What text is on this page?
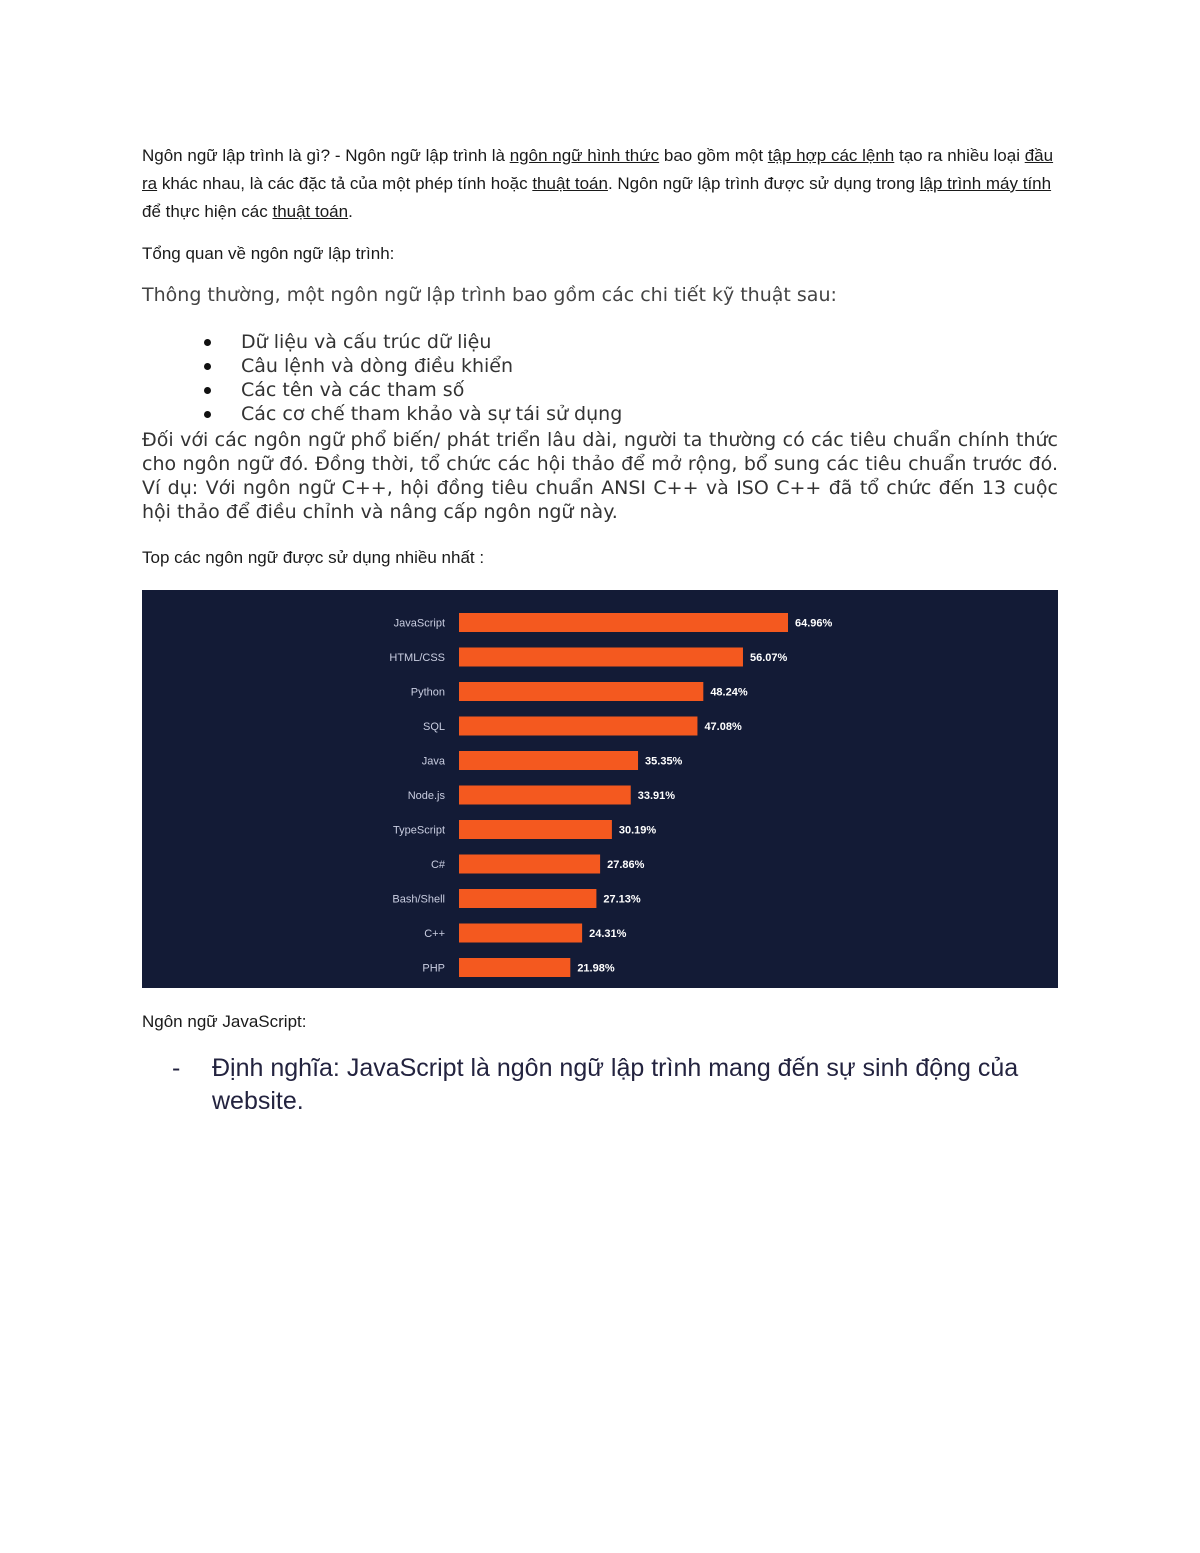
Ngôn ngữ lập trình là gì? - Ngôn ngữ lập trình là ngôn ngữ hình thức bao gồm một tập hợp các lệnh tạo ra nhiều loại đầu ra khác nhau, là các đặc tả của một phép tính hoặc thuật toán. Ngôn ngữ lập trình được sử dụng trong lập trình máy tính để thực hiện các thuật toán.

Tổng quan về ngôn ngữ lập trình:
Thông thường, một ngôn ngữ lập trình bao gồm các chi tiết kỹ thuật sau:
Dữ liệu và cấu trúc dữ liệu
Câu lệnh và dòng điều khiển
Các tên và các tham số
Các cơ chế tham khảo và sự tái sử dụng
Đối với các ngôn ngữ phổ biến/ phát triển lâu dài, người ta thường có các tiêu chuẩn chính thức cho ngôn ngữ đó. Đồng thời, tổ chức các hội thảo để mở rộng, bổ sung các tiêu chuẩn trước đó. Ví dụ: Với ngôn ngữ C++, hội đồng tiêu chuẩn ANSI C++ và ISO C++ đã tổ chức đến 13 cuộc hội thảo để điều chỉnh và nâng cấp ngôn ngữ này.
Top các ngôn ngữ được sử dụng nhiều nhất :
JavaScript	64.96%
HTML/CSS	56.07%
Python	48.24%
SQL	47.08%
Java	35.35%
Node.js	33.91%
TypeScript	30.19%
C#	27.86%
Bash/Shell	27.13%
C++	24.31%
PHP	21.98%
Ngôn ngữ JavaScript:
- Định nghĩa: JavaScript là ngôn ngữ lập trình mang đến sự sinh động của website.
